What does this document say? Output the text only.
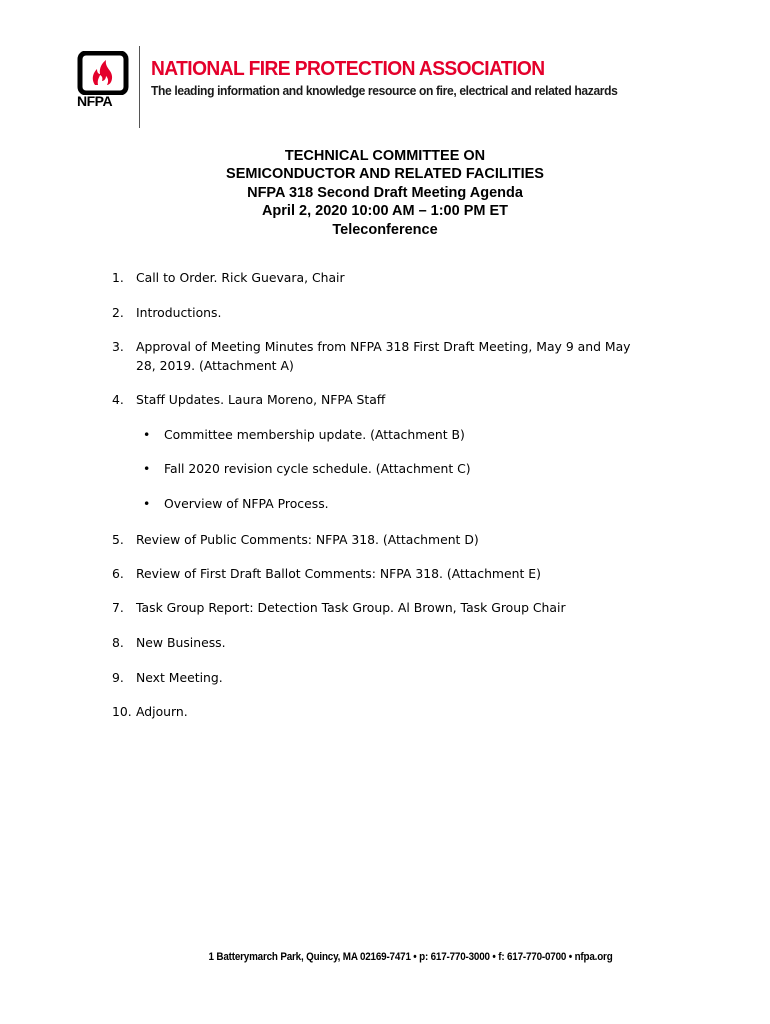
NFPA
NATIONAL FIRE PROTECTION ASSOCIATION
The leading information and knowledge resource on fire, electrical and related hazards
TECHNICAL COMMITTEE ON
SEMICONDUCTOR AND RELATED FACILITIES
NFPA 318 Second Draft Meeting Agenda
April 2, 2020 10:00 AM – 1:00 PM ET
Teleconference
1. Call to Order. Rick Guevara, Chair
2. Introductions.
3. Approval of Meeting Minutes from NFPA 318 First Draft Meeting, May 9 and May
28, 2019. (Attachment A)
4. Staff Updates. Laura Moreno, NFPA Staff
• Committee membership update. (Attachment B)
• Fall 2020 revision cycle schedule. (Attachment C)
• Overview of NFPA Process.
5. Review of Public Comments: NFPA 318. (Attachment D)
6. Review of First Draft Ballot Comments: NFPA 318. (Attachment E)
7. Task Group Report: Detection Task Group. Al Brown, Task Group Chair
8. New Business.
9. Next Meeting.
10. Adjourn.
1 Batterymarch Park, Quincy, MA 02169-7471 • p: 617-770-3000 • f: 617-770-0700 • nfpa.org
